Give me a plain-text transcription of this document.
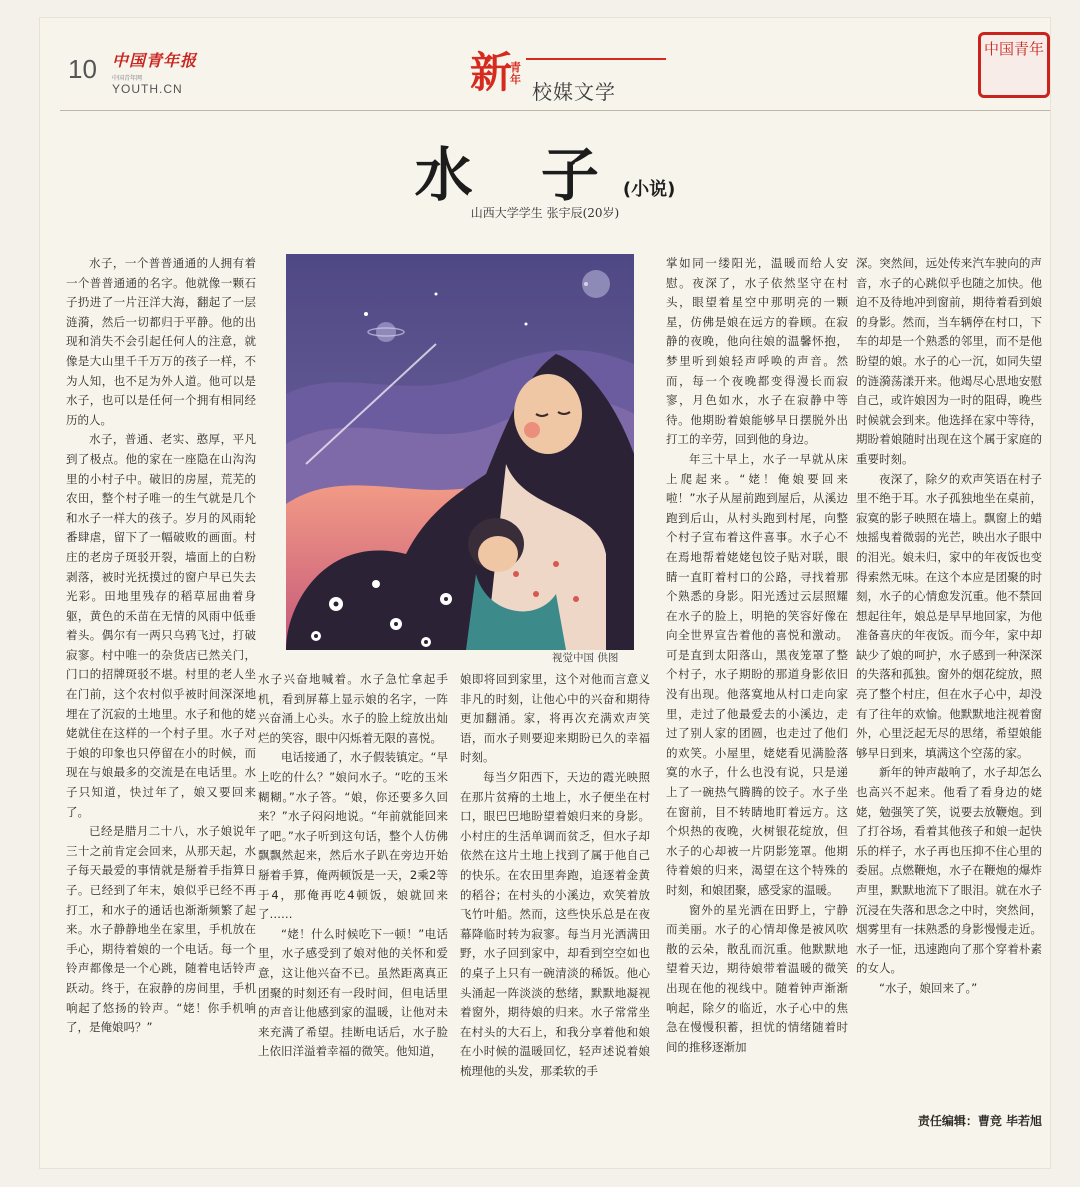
10 中国青年报
中国青年网
YOUTH.CN	新
青年
校媒文学
中国青年
水 子(小说)
山西大学学生 张宇辰(20岁)

水子，一个普普通通的人拥有着一个普普通通的名字。他就像一颗石子扔进了一片汪洋大海，翻起了一层涟漪，然后一切都归于平静。他的出现和消失不会引起任何人的注意，就像是大山里千千万万的孩子一样，不为人知，也不足为外人道。他可以是水子，也可以是任何一个拥有相同经历的人。

水子，普通、老实、憨厚，平凡到了极点。他的家在一座隐在山沟沟里的小村子中。破旧的房屋，荒芜的农田，整个村子唯一的生气就是几个和水子一样大的孩子。岁月的风雨轮番肆虐，留下了一幅破败的画面。村庄的老房子斑驳开裂，墙面上的白粉剥落，被时光抚摸过的窗户早已失去光彩。田地里残存的稻草屈曲着身躯，黄色的禾苗在无情的风雨中低垂着头。偶尔有一两只乌鸦飞过，打破寂寥。村中唯一的杂货店已然关门，门口的招牌斑驳不堪。村里的老人坐在门前，这个农村似乎被时间深深地埋在了沉寂的土地里。水子和他的姥姥就住在这样的一个村子里。水子对于娘的印象也只停留在小的时候，而现在与娘最多的交流是在电话里。水子只知道，快过年了，娘又要回来了。

已经是腊月二十八，水子娘说年三十之前肯定会回来，从那天起，水子每天最爱的事情就是掰着手指算日子。已经到了年末，娘似乎已经不再打工，和水子的通话也渐渐频繁了起来。水子静静地坐在家里，手机放在手心，期待着娘的一个电话。每一个铃声都像是一个心跳，随着电话铃声跃动。终于，在寂静的房间里，手机响起了悠扬的铃声。“姥！你手机响了，是俺娘吗？”

视觉中国 供图

水子兴奋地喊着。水子急忙拿起手机，看到屏幕上显示娘的名字，一阵兴奋涌上心头。水子的脸上绽放出灿烂的笑容，眼中闪烁着无限的喜悦。

电话接通了，水子假装镇定。“早上吃的什么？”娘问水子。“吃的玉米糊糊。”水子答。“娘，你还要多久回来？”水子闷闷地说。“年前就能回来了吧。”水子听到这句话，整个人仿佛飘飘然起来，然后水子趴在旁边开始掰着手算，俺两顿饭是一天，2乘2等于4，那俺再吃4顿饭，娘就回来了……

“姥！什么时候吃下一顿！”电话里，水子感受到了娘对他的关怀和爱意，这让他兴奋不已。虽然距离真正团聚的时刻还有一段时间，但电话里的声音让他感到家的温暖，让他对未来充满了希望。挂断电话后，水子脸上依旧洋溢着幸福的微笑。他知道，

娘即将回到家里，这个对他而言意义非凡的时刻，让他心中的兴奋和期待更加翻涌。家，将再次充满欢声笑语，而水子则要迎来期盼已久的幸福时刻。

每当夕阳西下，天边的霞光映照在那片贫瘠的土地上，水子便坐在村口，眼巴巴地盼望着娘归来的身影。小村庄的生活单调而贫乏，但水子却依然在这片土地上找到了属于他自己的快乐。在农田里奔跑，追逐着金黄的稻谷；在村头的小溪边，欢笑着放飞竹叶船。然而，这些快乐总是在夜幕降临时转为寂寥。每当月光洒满田野，水子回到家中，却看到空空如也的桌子上只有一碗清淡的稀饭。他心头涌起一阵淡淡的愁绪，默默地凝视着窗外，期待娘的归来。水子常常坐在村头的大石上，和我分享着他和娘在小时候的温暖回忆，轻声述说着娘梳理他的头发，那柔软的手

掌如同一缕阳光，温暖而给人安慰。夜深了，水子依然坚守在村头，眼望着星空中那明亮的一颗星，仿佛是娘在远方的眷顾。在寂静的夜晚，他向往娘的温馨怀抱，梦里听到娘轻声呼唤的声音。然而，每一个夜晚都变得漫长而寂寥，月色如水，水子在寂静中等待。他期盼着娘能够早日摆脱外出打工的辛劳，回到他的身边。

年三十早上，水子一早就从床上爬起来。“姥！俺娘要回来啦！”水子从屋前跑到屋后，从溪边跑到后山，从村头跑到村尾，向整个村子宣布着这件喜事。水子心不在焉地帮着姥姥包饺子贴对联，眼睛一直盯着村口的公路，寻找着那个熟悉的身影。阳光透过云层照耀在水子的脸上，明艳的笑容好像在向全世界宣告着他的喜悦和激动。可是直到太阳落山，黑夜笼罩了整个村子，水子期盼的那道身影依旧没有出现。他落寞地从村口走向家里，走过了他最爱去的小溪边，走过了别人家的团圆，也走过了他们的欢笑。小屋里，姥姥看见满脸落寞的水子，什么也没有说，只是递上了一碗热气腾腾的饺子。水子坐在窗前，目不转睛地盯着远方。这个炽热的夜晚，火树银花绽放，但水子的心却被一片阴影笼罩。他期待着娘的归来，渴望在这个特殊的时刻，和娘团聚，感受家的温暖。

窗外的星光洒在田野上，宁静而美丽。水子的心情却像是被风吹散的云朵，散乱而沉重。他默默地望着天边，期待娘带着温暖的微笑出现在他的视线中。随着钟声渐渐响起，除夕的临近，水子心中的焦急在慢慢积蓄，担忧的情绪随着时间的推移逐渐加

深。突然间，远处传来汽车驶向的声音，水子的心跳似乎也随之加快。他迫不及待地冲到窗前，期待着看到娘的身影。然而，当车辆停在村口，下车的却是一个熟悉的邻里，而不是他盼望的娘。水子的心一沉，如同失望的涟漪荡漾开来。他竭尽心思地安慰自己，或许娘因为一时的阻碍，晚些时候就会到来。他选择在家中等待，期盼着娘随时出现在这个属于家庭的重要时刻。

夜深了，除夕的欢声笑语在村子里不绝于耳。水子孤独地坐在桌前，寂寞的影子映照在墙上。飘窗上的蜡烛摇曳着微弱的光芒，映出水子眼中的泪光。娘未归，家中的年夜饭也变得索然无味。在这个本应是团聚的时刻，水子的心情愈发沉重。他不禁回想起往年，娘总是早早地回家，为他准备喜庆的年夜饭。而今年，家中却缺少了娘的呵护，水子感到一种深深的失落和孤独。窗外的烟花绽放，照亮了整个村庄，但在水子心中，却没有了往年的欢愉。他默默地注视着窗外，心里泛起无尽的思绪，希望娘能够早日到来，填满这个空荡的家。

新年的钟声敲响了，水子却怎么也高兴不起来。他看了看身边的姥姥，勉强笑了笑，说要去放鞭炮。到了打谷场，看着其他孩子和娘一起快乐的样子，水子再也压抑不住心里的委屈。点燃鞭炮，水子在鞭炮的爆炸声里，默默地流下了眼泪。就在水子沉浸在失落和思念之中时，突然间，烟雾里有一抹熟悉的身影慢慢走近。水子一怔，迅速跑向了那个穿着朴素的女人。

“水子，娘回来了。”

责任编辑：曹竞 毕若旭
